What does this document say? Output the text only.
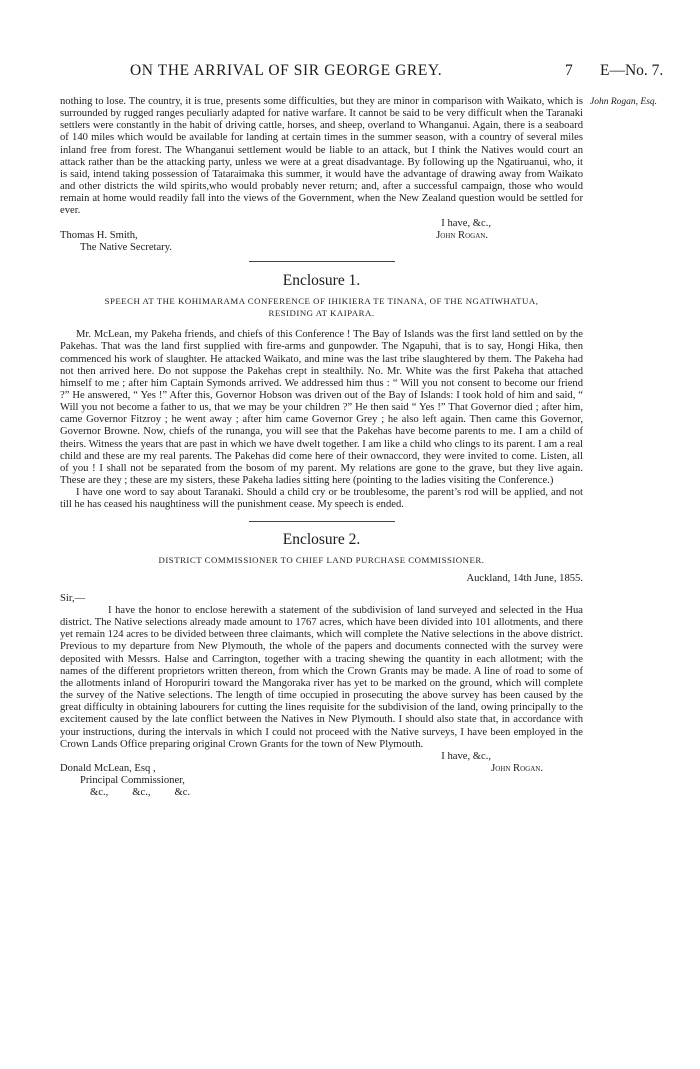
ON THE ARRIVAL OF SIR GEORGE GREY.	7 E—No. 7.
John Rogan, Esq.

nothing to lose. The country, it is true, presents some difficulties, but they are minor in comparison with Waikato, which is surrounded by rugged ranges peculiarly adapted for native warfare. It cannot be said to be very difficult when the Taranaki settlers were constantly in the habit of driving cattle, horses, and sheep, overland to Whanganui. Again, there is a seaboard of 140 miles which would be available for landing at certain times in the summer season, with a country of several miles inland free from forest. The Whanganui settlement would be liable to an attack, but I think the Natives would court an attack rather than be the attacking party, unless we were at a great disadvantage. By following up the Ngatiruanui, who, it is said, intend taking possession of Tataraimaka this summer, it would have the advantage of drawing away from Waikato and other districts the wild spirits,who would probably never return; and, after a successful campaign, those who would remain at home would readily fall into the views of the Government, when the New Zealand question would be settled for ever.

I have, &c.,
Thomas H. Smith,	John Rogan.
The Native Secretary.
Enclosure 1.
SPEECH AT THE KOHIMARAMA CONFERENCE OF IHIKIERA TE TINANA, OF THE NGATIWHATUA,
RESIDING AT KAIPARA.

Mr. McLean, my Pakeha friends, and chiefs of this Conference ! The Bay of Islands was the first land settled on by the Pakehas. That was the land first supplied with fire-arms and gunpowder. The Ngapuhi, that is to say, Hongi Hika, then commenced his work of slaughter. He attacked Waikato, and mine was the last tribe slaughtered by them. The Pakeha had not then arrived here. Do not suppose the Pakehas crept in stealthily. No. Mr. White was the first Pakeha that attached himself to me ; after him Captain Symonds arrived. We addressed him thus : “ Will you not consent to become our friend ?” He answered, “ Yes !” After this, Governor Hobson was driven out of the Bay of Islands: I took hold of him and said, “ Will you not become a father to us, that we may be your children ?” He then said “ Yes !” That Governor died ; after him, came Governor Fitzroy ; he went away ; after him came Governor Grey ; he also left again. Then came this Governor, Governor Browne. Now, chiefs of the runanga, you will see that the Pakehas have become parents to me. I am a child of theirs. Witness the years that are past in which we have dwelt together. I am like a child who clings to its parent. I am a real child and these are my real parents. The Pakehas did come here of their ownaccord, they were invited to come. Listen, all of you ! I shall not be separated from the bosom of my parent. My relations are gone to the grave, but they live again. These are they ; these are my sisters, these Pakeha ladies sitting here (pointing to the ladies visiting the Conference.)

I have one word to say about Taranaki. Should a child cry or be troublesome, the parent’s rod will be applied, and not till he has ceased his naughtiness will the punishment cease. My speech is ended.

Enclosure 2.
DISTRICT COMMISSIONER TO CHIEF LAND PURCHASE COMMISSIONER.
Auckland, 14th June, 1855.
Sir,—

I have the honor to enclose herewith a statement of the subdivision of land surveyed and selected in the Hua district. The Native selections already made amount to 1767 acres, which have been divided into 101 allotments, and there yet remain 124 acres to be divided between three claimants, which will complete the Native selections in the above district. Previous to my departure from New Plymouth, the whole of the papers and documents connected with the survey were deposited with Messrs. Halse and Carrington, together with a tracing shewing the quantity in each allotment; with the names of the different proprietors written thereon, from which the Crown Grants may be made. A line of road to some of the allotments inland of Horopuriri toward the Mangoraka river has yet to be marked on the ground, which will complete the survey of the Native selections. The length of time occupied in prosecuting the above survey has been caused by the great difficulty in obtaining labourers for cutting the lines requisite for the subdivision of the land, owing principally to the excitement caused by the late conflict between the Natives in New Plymouth. I should also state that, in accordance with your instructions, during the intervals in which I could not proceed with the Native surveys, I have been employed in the Crown Lands Office preparing original Crown Grants for the town of New Plymouth.

I have, &c.,
Donald McLean, Esq ,	John Rogan.
Principal Commissioner,
&c., &c., &c.
